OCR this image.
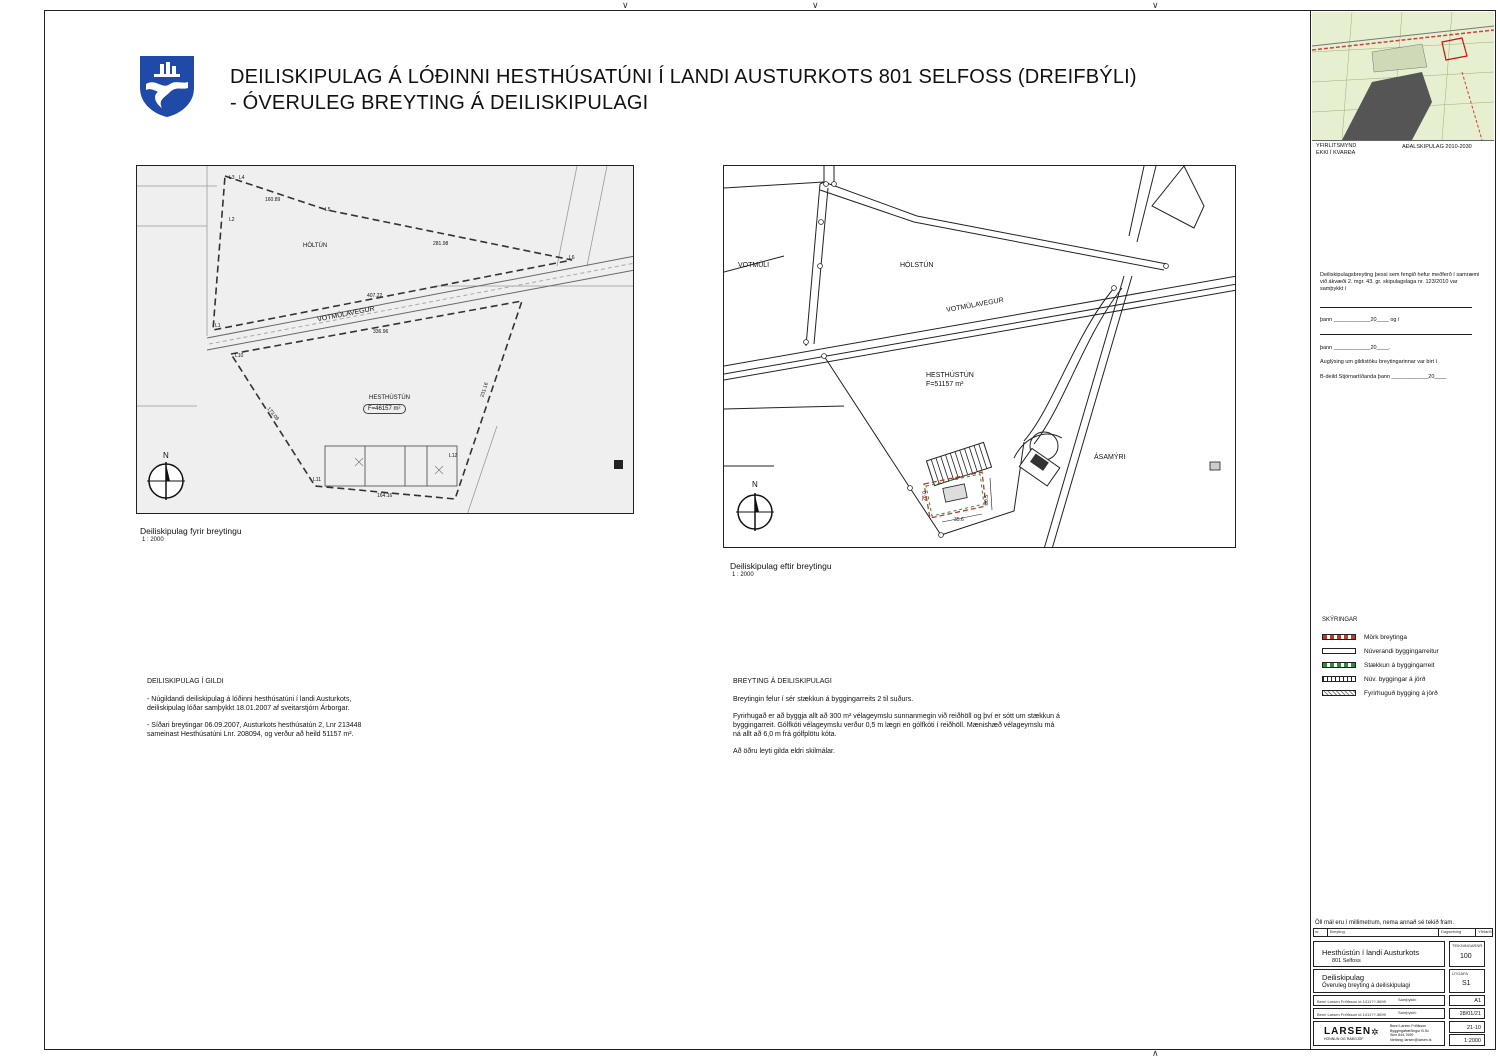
∨	∨	∨
∧
DEILISKIPULAG Á LÓÐINNI HESTHÚSATÚNI Í LANDI AUSTURKOTS 801 SELFOSS (DREIFBÝLI)
- ÓVERULEG BREYTING Á DEILISKIPULAGI
HÓLTÚN
VOTMÚLAVEGUR
HESTHÚSTÚN
F=46157 m²
N
L3 L4
L2
L5
L6
L1
L10
L11
L12
160.89
281.98
407.22
336.96
173.08
231.16
164.16
Deiliskipulag fyrir breytingu
1 : 2000
VOTMÚLI	HÓLSTÚN
VOTMÚLAVEGUR
HESTHÚSTÚN
F=51157 m²
ÁSAMÝRI
N
35.6
30.5
26.0
Deiliskipulag eftir breytingu
1 : 2000
DEILISKIPULAG Í GILDI
- Núgildandi deiliskipulag á lóðinni hesthúsatúni í landi Austurkots, deiliskipulag lóðar samþykkt 18.01.2007 af sveitarstjórn Árborgar.
- Síðari breytingar 06.09.2007, Austurkots hesthúsatún 2, Lnr 213448 sameinast Hesthúsatúni Lnr. 208094, og verður að heild 51157 m².
BREYTING Á DEILISKIPULAGI
Breytingin felur í sér stækkun á byggingarreits 2 til suðurs.
Fyrirhugað er að byggja allt að 300 m² vélageymslu sunnanmegin við reiðhöll og því er sótt um stækkun á byggingarreit. Gólfkóti vélageymslu verður 0,5 m lægri en gólfkóti í reiðhöll. Mænishæð vélageymslu má ná allt að 6,0 m frá gólfplötu kóta.
Að öðru leyti gilda eldri skilmálar.
YFIRLITSMYND
EKKI Í KVARÐA
AÐALSKIPULAG 2010-2030
Deiliskipulagsbreyting þessi sem fengið hefur meðferð í samræmi við ákvæði 2. mgr. 43. gr. skipulagslaga nr. 123/2010 var samþykkt í
þann ____________20____ og í
þann ____________20____.
Auglýsing um gildistöku breytingarinnar var birt í
B-deild Stjórnartíðanda þann ____________20____
SKÝRINGAR
Mörk breytinga
Núverandi byggingarreitur
Stækkun á byggingarreit
Núv. byggingar á jörð
Fyrirhuguð bygging á jörð
Öll mál eru í millimetrum, nema annað sé tekið fram.
nr.	Breyting	Dagsetning	Yfirfarið
Hesthústún í landi Austurkots
801 Selfoss
TEIKNINGARNR.
100
Deiliskipulag
Óveruleg breyting á deiliskipulagi
ÚTGÁFA
S1
Benri Larsen Friðfsson kt.1411??-5699	Samþykkt:	A1
Benri Larsen Friðfsson kt.1411??-5699	Samþykkt:	28/01/21
LARSEN
HÖNNUN OG RÁÐGJÖF
✲
Benri Larsen Friðfsson
Byggingafræðingur B.Sc
Sími 844-7699
Netfang: larsen@larsen.is
21-10
1:2000
